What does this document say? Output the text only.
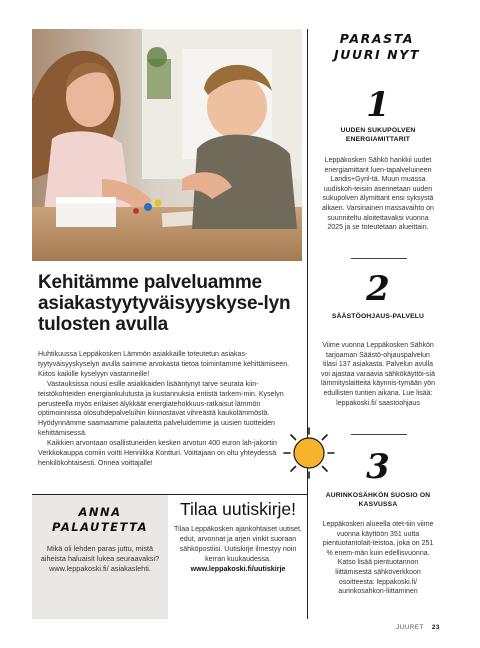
Kehitämme palveluamme asiakastyytyväisyyskyse-lyn tulosten avulla

Huhtikuussa Leppäkosken Lämmön asiakkaille toteutetun asiakas-tyytyväisyyskyselyn avulla saimme arvokasta tietoa toimintamme kehittämiseen. Kiitos kaikille kyselyyn vastanneille!

Vastauksissa nousi esille asiakkaiden lisääntynyt tarve seurata kiin-teistökohteiden energiankulutusta ja kustannuksia entistä tarkem-min. Kyselyn perusteella myös erilaiset älykkäät energiatehokkuus-ratkaisut lämmön optimoinnissa olosuhdepalveluihin kiinnostavat vihreästä kaukolämmöstä. Hyödynnämme saamaamme palautetta palveluidemme ja uusien tuotteiden kehittämisessä.

Kaikkien arvontaan osallistuneiden kesken arvotun 400 euron lah-jakortin Verkkokauppa.comiin voitti Henriikka Kontturi. Voittajaan on oltu yhteydessä henkilökohtaisesti. Onnea voittajalle!

ANNA PALAUTETTA
Mikä oli lehden paras juttu, mistä aiheista haluaisit lukea seuraavaksi?
www.leppakoski.fi/ asiakaslehti.
Tilaa uutiskirje!
Tilaa Leppäkosken ajankohtaiset uutiset, edut, arvonnat ja arjen vinkit suoraan sähköpostiisi. Uutiskirje ilmestyy noin kerran kuukaudessa.
www.leppakoski.fi/uutiskirje
PARASTA JUURI NYT
1
UUDEN SUKUPOLVEN ENERGIAMITTARIT
Leppäkosken Sähkö hankkii uudet energiamittarit luen-tapalveluineen Landis+Gyril-tä. Muun muassa uudiskoh-teisiin asennetaan uuden sukupolven älymittarit ensi syksystä alkaen. Varsinainen massavaihto on suunniteltu aloitettavaksi vuonna 2025 ja se toteutetaan alueittain.
2
SÄÄSTÖOHJAUS-PALVELU
Viime vuonna Leppäkosken Sähkön tarjoaman Säästö-ohjauspalvelun tilasi 137 asiakasta. Palvelun avulla voi ajastaa varaavia sähkökäyttöi-siä lämmityslaitteita käynnis-tymään yön edullisten tuntien aikana. Lue lisää: leppakoski.fi/ saastoohjaus
3
AURINKOSÄHKÖN SUOSIO ON KASVUSSA
Leppäkosken alueella otet-tiin viime vuonna käyttöön 351 uutta pientuotantolait-teistoa, joka on 251 % enem-män kuin edellisvuonna. Katso lisää pientuotannon liittämisestä sähköverkkoon osoitteesta: leppakoski.fi/ aurinkosahkon-liittaminen
JUURET 23
